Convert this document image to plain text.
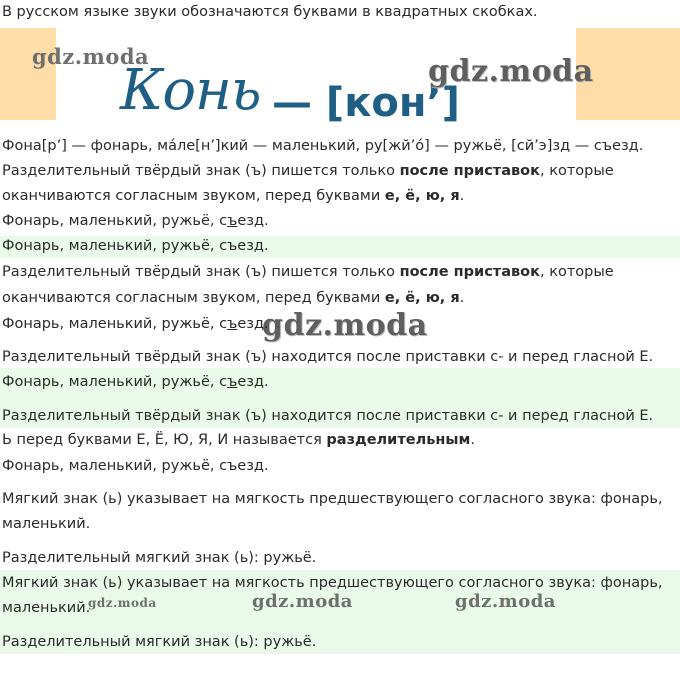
В русском языке звуки обозначаются буквами в квадратных скобках.
Конь — [кон’]
gdz.moda	gdz.moda
gdz.moda
gdz.moda	gdz.moda	gdz.moda
Фона[р’] — фонарь, ма́ле[н’]кий — маленький, ру[жй’о́] — ружьё, [сй’э]зд — съезд.
Разделительный твёрдый знак (ъ) пишется только после приставок, которые
оканчиваются согласным звуком, перед буквами е, ё, ю, я.
Фонарь, маленький, ружьё, съезд.
Фонарь, маленький, ружьё, съезд.
Разделительный твёрдый знак (ъ) пишется только после приставок, которые
оканчиваются согласным звуком, перед буквами е, ё, ю, я.
Фонарь, маленький, ружьё, съезд.
Разделительный твёрдый знак (ъ) находится после приставки с- и перед гласной Е.
Фонарь, маленький, ружьё, съезд.
Разделительный твёрдый знак (ъ) находится после приставки с- и перед гласной Е.
Ь перед буквами Е, Ё, Ю, Я, И называется разделительным.
Фонарь, маленький, ружьё, съезд.
Мягкий знак (ь) указывает на мягкость предшествующего согласного звука: фонарь,
маленький.
Разделительный мягкий знак (ь): ружьё.
Мягкий знак (ь) указывает на мягкость предшествующего согласного звука: фонарь,
маленький.
Разделительный мягкий знак (ь): ружьё.
